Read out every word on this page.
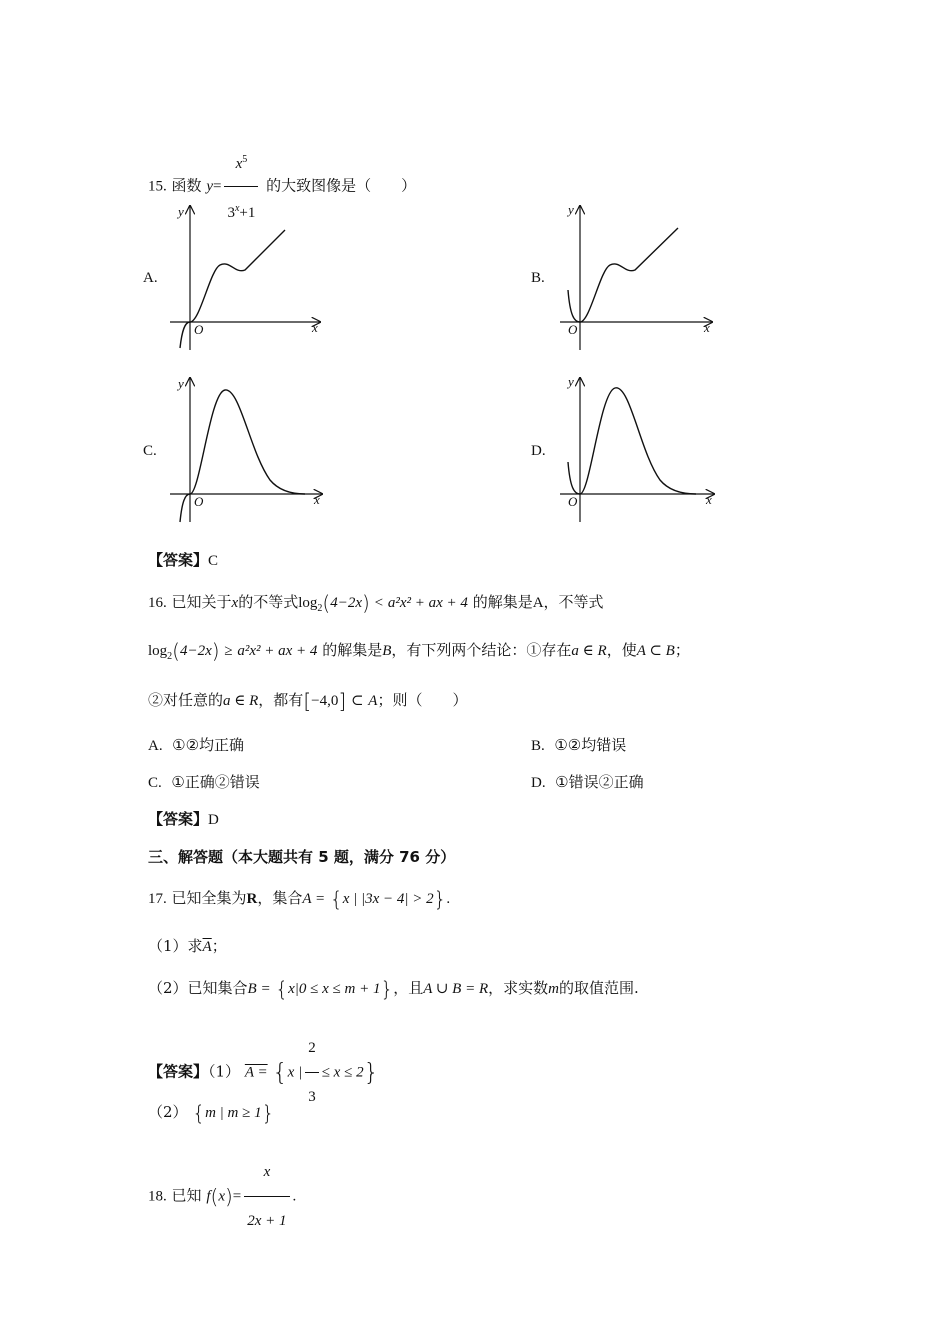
15. 函数 $y= \frac{x^5}{3^x+1}$ 的大致图像是（　　）
A.	B.
C.	D.
y
x
O
y
x
O
y
x
O
y
x
O
【答案】C
16. 已知关于x的不等式$\log_2(4-2x) < a^2x^2$ + ax + 4 的解集是A，不等式
$\log_2(4-2x) \ge a^2x^2$ + ax + 4 的解集是B，有下列两个结论：①存在a ∈ R，使A ⊂ B；
②对任意的a ∈ R，都有[−4,0] ⊂ A；则（　　）
A. ①②均正确	B. ①②均错误
C. ①正确②错误	D. ①错误②正确
【答案】D
三、解答题（本大题共有 5 题，满分 76 分）
17. 已知全集为R，集合A = {x | |3x − 4| > 2}.
（1）求$\overline{A}$；
（2）已知集合B = {x|0 ≤ x ≤ m + 1}，且A ∪ B = R，求实数m的取值范围.
【答案】（1） A = {x | $\frac{2}{3} \le x \le 2$}
（2） {m | m ≥ 1}
18. 已知 $f(x)= \frac{x}{2x + 1}$ .
